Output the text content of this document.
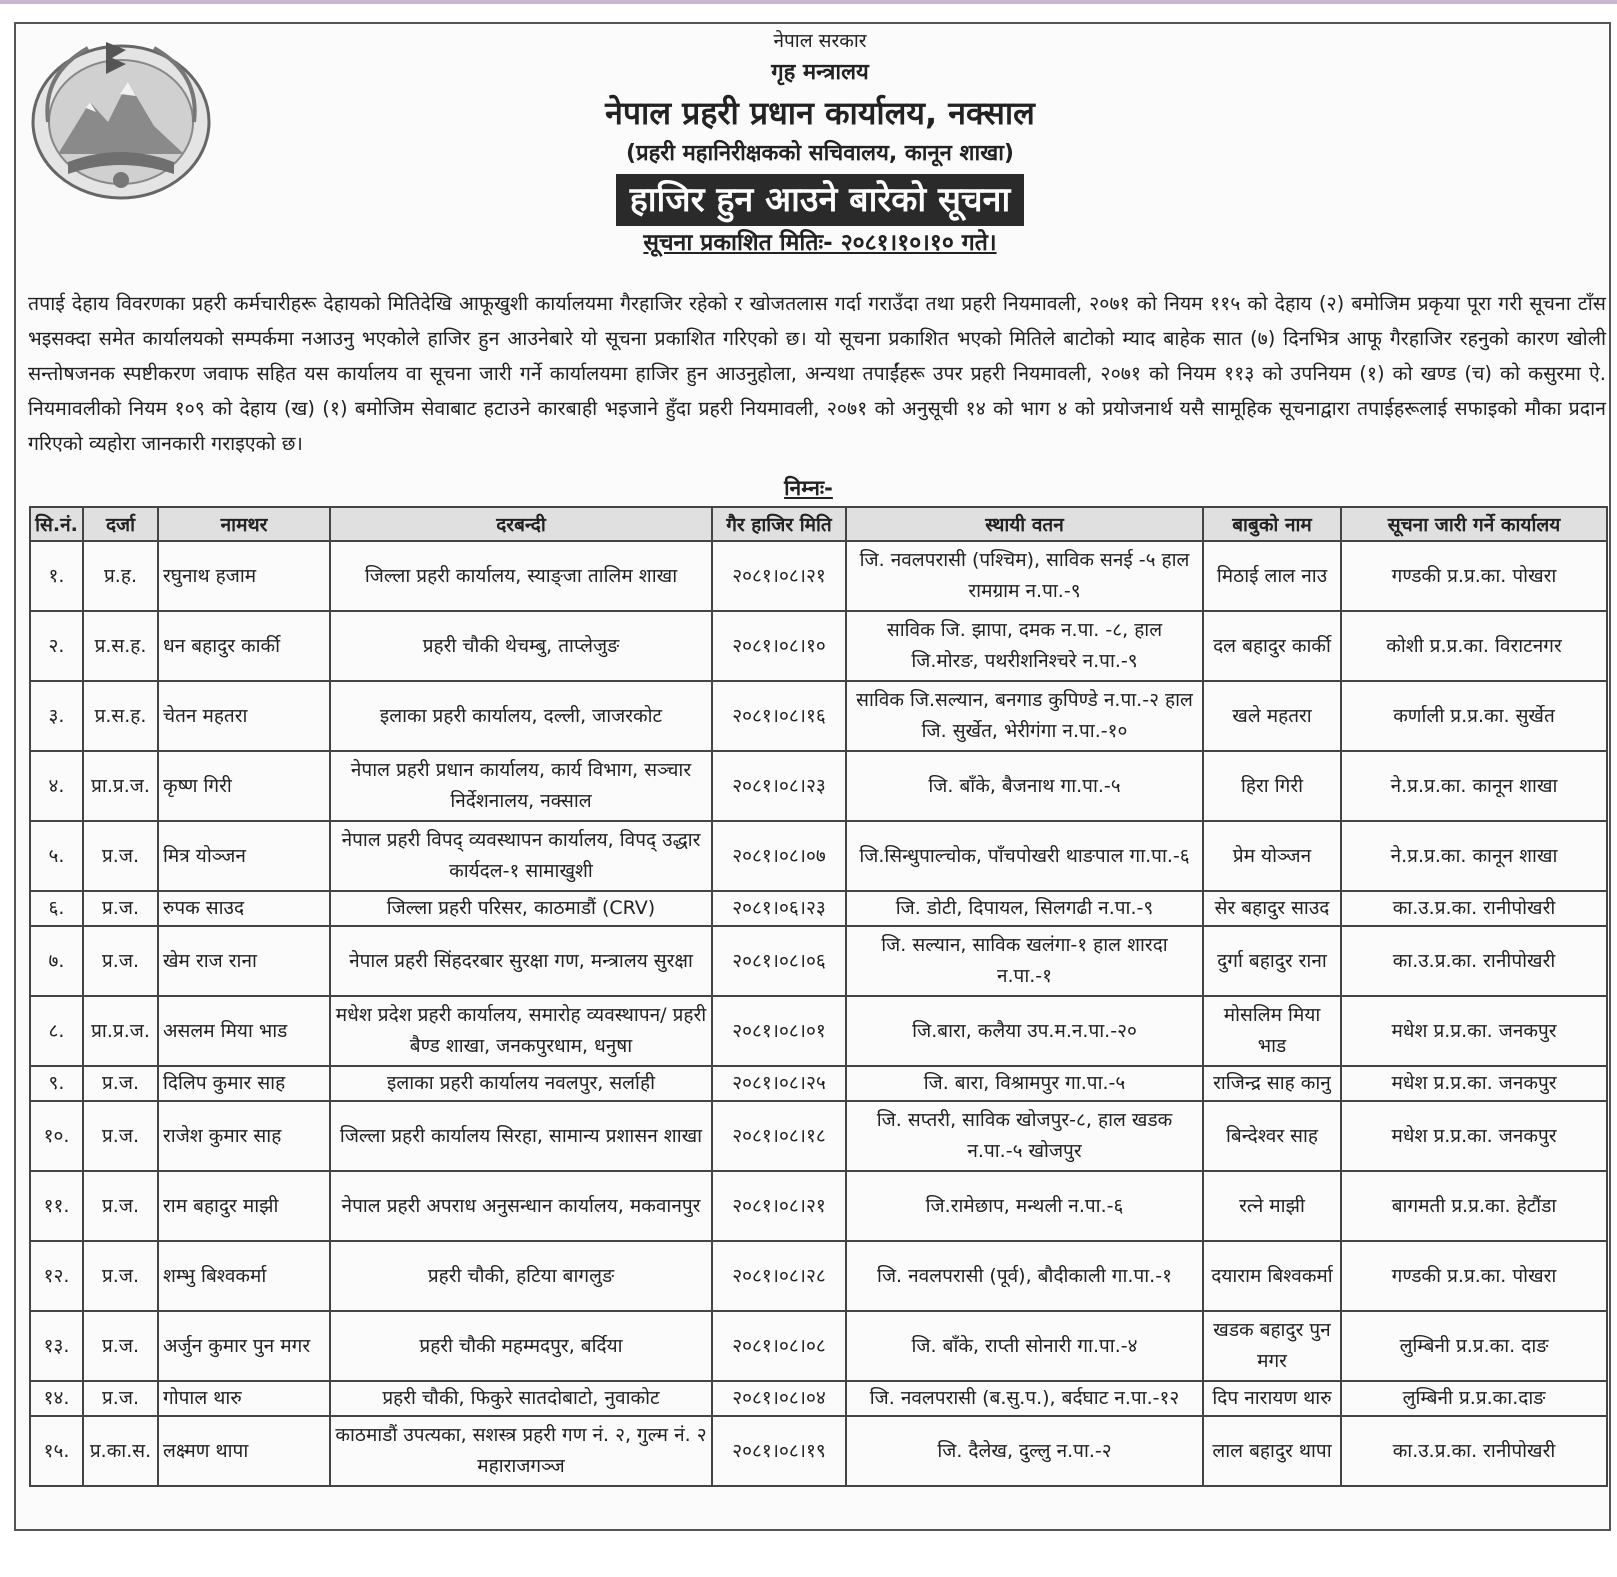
नेपाल सरकार
गृह मन्त्रालय
नेपाल प्रहरी प्रधान कार्यालय, नक्साल
(प्रहरी महानिरीक्षकको सचिवालय, कानून शाखा)
हाजिर हुन आउने बारेको सूचना
सूचना प्रकाशित मितिः- २०८१।१०।१० गते।
तपाई देहाय विवरणका प्रहरी कर्मचारीहरू देहायको मितिदेखि आफूखुशी कार्यालयमा गैरहाजिर रहेको र खोजतलास गर्दा गराउँदा तथा प्रहरी नियमावली, २०७१ को नियम ११५ को देहाय (२) बमोजिम प्रकृया पूरा गरी सूचना टाँस भइसक्दा समेत कार्यालयको सम्पर्कमा नआउनु भएकोले हाजिर हुन आउनेबारे यो सूचना प्रकाशित गरिएको छ। यो सूचना प्रकाशित भएको मितिले बाटोको म्याद बाहेक सात (७) दिनभित्र आफू गैरहाजिर रहनुको कारण खोली सन्तोषजनक स्पष्टीकरण जवाफ सहित यस कार्यालय वा सूचना जारी गर्ने कार्यालयमा हाजिर हुन आउनुहोला, अन्यथा तपाईंहरू उपर प्रहरी नियमावली, २०७१ को नियम ११३ को उपनियम (१) को खण्ड (च) को कसुरमा ऐ. नियमावलीको नियम १०९ को देहाय (ख) (१) बमोजिम सेवाबाट हटाउने कारबाही भइजाने हुँदा प्रहरी नियमावली, २०७१ को अनुसूची १४ को भाग ४ को प्रयोजनार्थ यसै सामूहिक सूचनाद्वारा तपाईहरूलाई सफाइको मौका प्रदान गरिएको व्यहोरा जानकारी गराइएको छ।
निम्नः-
सि.नं.	दर्जा	नामथर	दरबन्दी	गैर हाजिर मिति	स्थायी वतन	बाबुको नाम	सूचना जारी गर्ने कार्यालय
१.	प्र.ह.	रघुनाथ हजाम	जिल्ला प्रहरी कार्यालय, स्याङ्जा तालिम शाखा	२०८१।०८।२१	जि. नवलपरासी (पश्चिम), साविक सनई -५ हाल रामग्राम न.पा.-९	मिठाई लाल नाउ	गण्डकी प्र.प्र.का. पोखरा
२.	प्र.स.ह.	धन बहादुर कार्की	प्रहरी चौकी थेचम्बु, ताप्लेजुङ	२०८१।०८।१०	साविक जि. झापा, दमक न.पा. -८, हाल जि.मोरङ, पथरीशनिश्चरे न.पा.-९	दल बहादुर कार्की	कोशी प्र.प्र.का. विराटनगर
३.	प्र.स.ह.	चेतन महतरा	इलाका प्रहरी कार्यालय, दल्ली, जाजरकोट	२०८१।०८।१६	साविक जि.सल्यान, बनगाड कुपिण्डे न.पा.-२ हाल जि. सुर्खेत, भेरीगंगा न.पा.-१०	खले महतरा	कर्णाली प्र.प्र.का. सुर्खेत
४.	प्रा.प्र.ज.	कृष्ण गिरी	नेपाल प्रहरी प्रधान कार्यालय, कार्य विभाग, सञ्चार निर्देशनालय, नक्साल	२०८१।०८।२३	जि. बाँके, बैजनाथ गा.पा.-५	हिरा गिरी	ने.प्र.प्र.का. कानून शाखा
५.	प्र.ज.	मित्र योञ्जन	नेपाल प्रहरी विपद् व्यवस्थापन कार्यालय, विपद् उद्धार कार्यदल-१ सामाखुशी	२०८१।०८।०७	जि.सिन्धुपाल्चोक, पाँचपोखरी थाङपाल गा.पा.-६	प्रेम योञ्जन	ने.प्र.प्र.का. कानून शाखा
६.	प्र.ज.	रुपक साउद	जिल्ला प्रहरी परिसर, काठमाडौं (CRV)	२०८१।०६।२३	जि. डोटी, दिपायल, सिलगढी न.पा.-९	सेर बहादुर साउद	का.उ.प्र.का. रानीपोखरी
७.	प्र.ज.	खेम राज राना	नेपाल प्रहरी सिंहदरबार सुरक्षा गण, मन्त्रालय सुरक्षा	२०८१।०८।०६	जि. सल्यान, साविक खलंगा-१ हाल शारदा न.पा.-१	दुर्गा बहादुर राना	का.उ.प्र.का. रानीपोखरी
८.	प्रा.प्र.ज.	असलम मिया भाड	मधेश प्रदेश प्रहरी कार्यालय, समारोह व्यवस्थापन/ प्रहरी बैण्ड शाखा, जनकपुरधाम, धनुषा	२०८१।०८।०१	जि.बारा, कलैया उप.म.न.पा.-२०	मोसलिम मिया भाड	मधेश प्र.प्र.का. जनकपुर
९.	प्र.ज.	दिलिप कुमार साह	इलाका प्रहरी कार्यालय नवलपुर, सर्लाही	२०८१।०८।२५	जि. बारा, विश्रामपुर गा.पा.-५	राजिन्द्र साह कानु	मधेश प्र.प्र.का. जनकपुर
१०.	प्र.ज.	राजेश कुमार साह	जिल्ला प्रहरी कार्यालय सिरहा, सामान्य प्रशासन शाखा	२०८१।०८।१८	जि. सप्तरी, साविक खोजपुर-८, हाल खडक न.पा.-५ खोजपुर	बिन्देश्वर साह	मधेश प्र.प्र.का. जनकपुर
११.	प्र.ज.	राम बहादुर माझी	नेपाल प्रहरी अपराध अनुसन्धान कार्यालय, मकवानपुर	२०८१।०८।२१	जि.रामेछाप, मन्थली न.पा.-६	रत्ने माझी	बागमती प्र.प्र.का. हेटौंडा
१२.	प्र.ज.	शम्भु बिश्वकर्मा	प्रहरी चौकी, हटिया बागलुङ	२०८१।०८।२८	जि. नवलपरासी (पूर्व), बौदीकाली गा.पा.-१	दयाराम बिश्वकर्मा	गण्डकी प्र.प्र.का. पोखरा
१३.	प्र.ज.	अर्जुन कुमार पुन मगर	प्रहरी चौकी महम्मदपुर, बर्दिया	२०८१।०८।०८	जि. बाँके, राप्ती सोनारी गा.पा.-४	खडक बहादुर पुन मगर	लुम्बिनी प्र.प्र.का. दाङ
१४.	प्र.ज.	गोपाल थारु	प्रहरी चौकी, फिकुरे सातदोबाटो, नुवाकोट	२०८१।०८।०४	जि. नवलपरासी (ब.सु.प.), बर्दघाट न.पा.-१२	दिप नारायण थारु	लुम्बिनी प्र.प्र.का.दाङ
१५.	प्र.का.स.	लक्ष्मण थापा	काठमाडौं उपत्यका, सशस्त्र प्रहरी गण नं. २, गुल्म नं. २ महाराजगञ्ज	२०८१।०८।१९	जि. दैलेख, दुल्लु न.पा.-२	लाल बहादुर थापा	का.उ.प्र.का. रानीपोखरी
